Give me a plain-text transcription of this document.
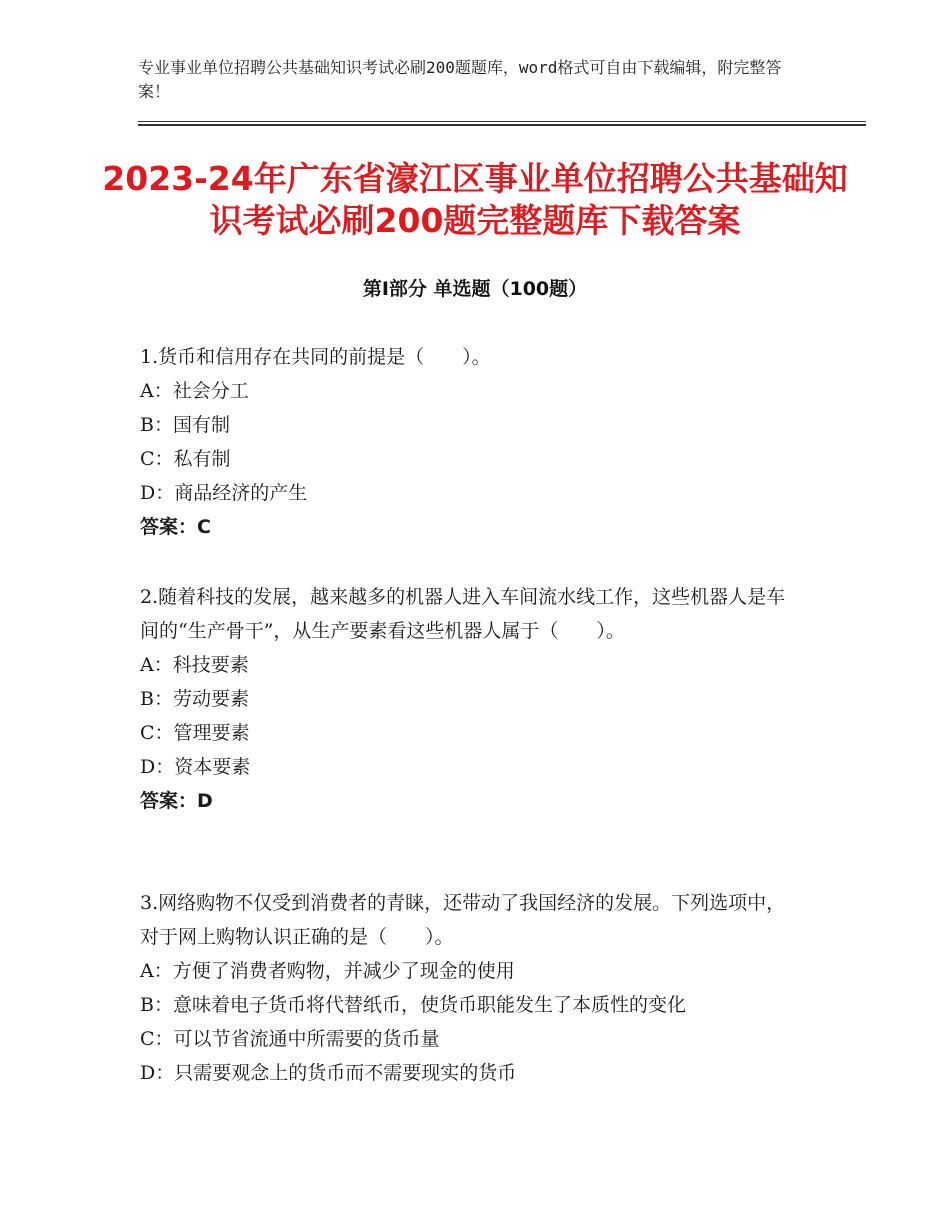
专业事业单位招聘公共基础知识考试必刷200题题库，word格式可自由下载编辑，附完整答案！
2023-24年广东省濠江区事业单位招聘公共基础知识考试必刷200题完整题库下载答案
第I部分 单选题（100题）

1.货币和信用存在共同的前提是（　　）。

A：社会分工

B：国有制

C：私有制

D：商品经济的产生

答案：C

2.随着科技的发展，越来越多的机器人进入车间流水线工作，这些机器人是车间的“生产骨干”，从生产要素看这些机器人属于（　　）。

A：科技要素

B：劳动要素

C：管理要素

D：资本要素

答案：D

3.网络购物不仅受到消费者的青睐，还带动了我国经济的发展。下列选项中，对于网上购物认识正确的是（　　）。

A：方便了消费者购物，并减少了现金的使用

B：意味着电子货币将代替纸币，使货币职能发生了本质性的变化

C：可以节省流通中所需要的货币量

D：只需要观念上的货币而不需要现实的货币
